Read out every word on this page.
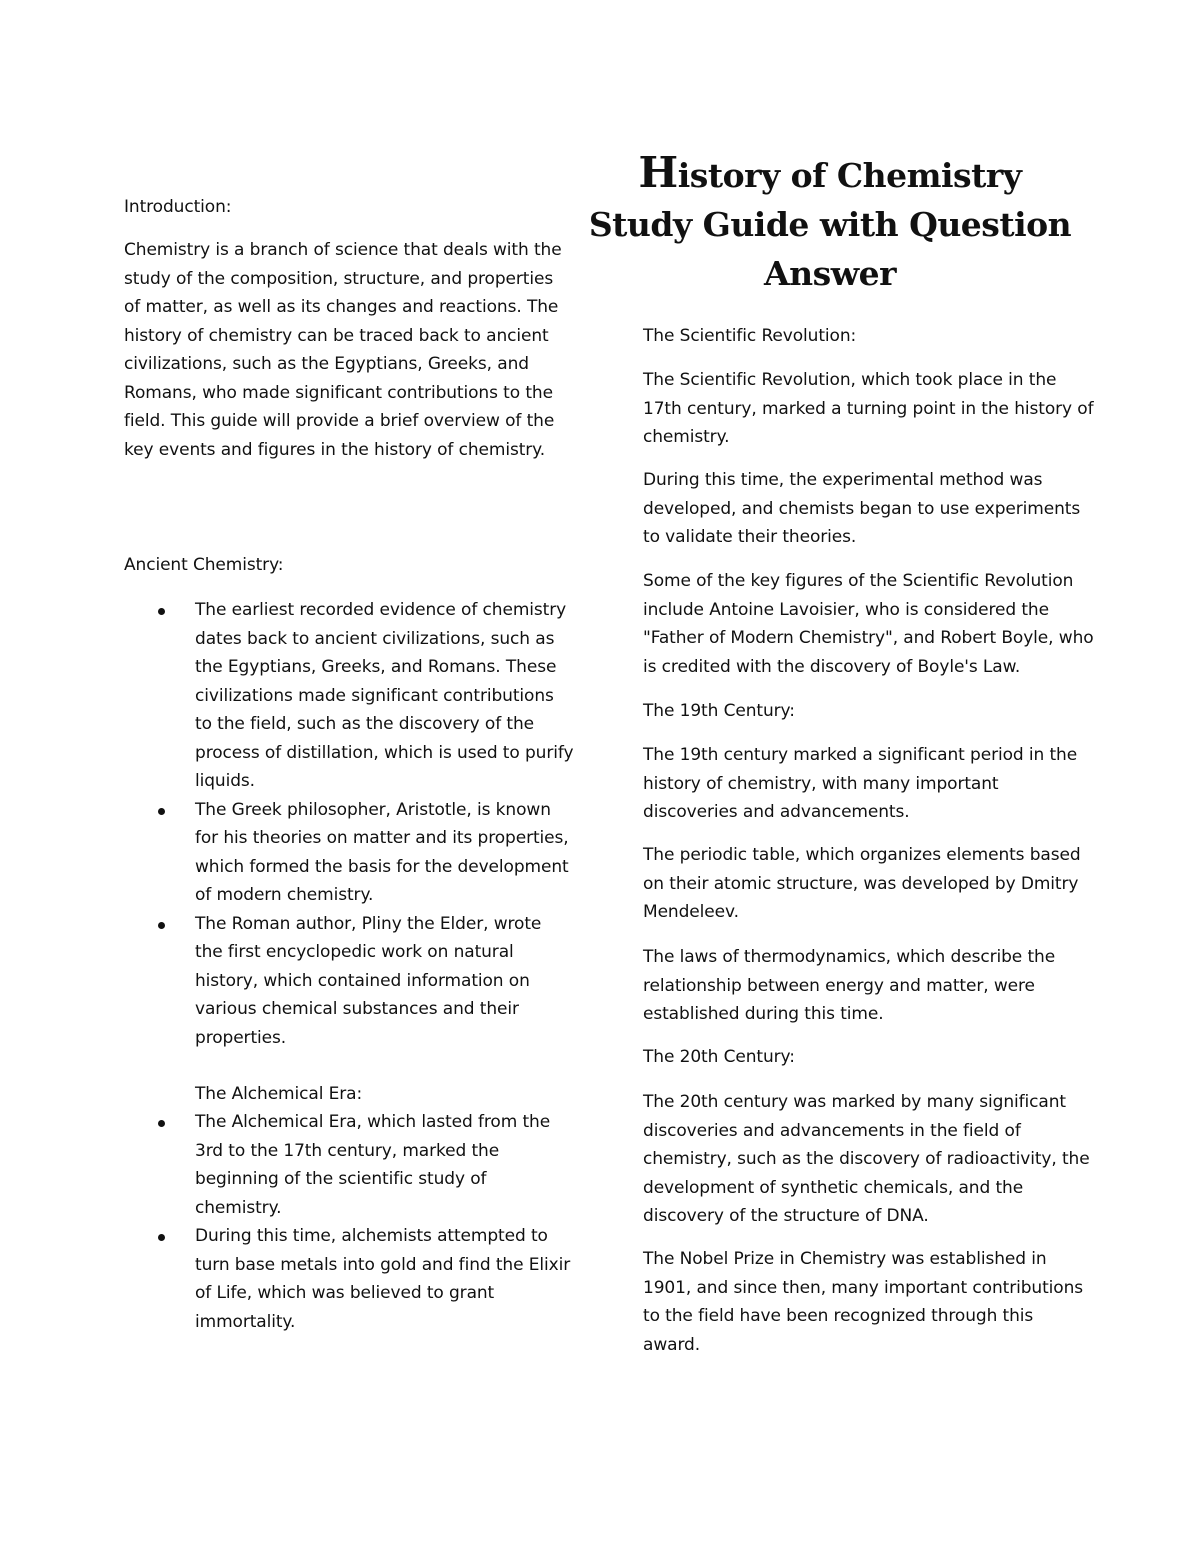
History of Chemistry
Study Guide with Question
Answer
Introduction:

Chemistry is a branch of science that deals with the study of the composition, structure, and properties of matter, as well as its changes and reactions. The history of chemistry can be traced back to ancient civilizations, such as the Egyptians, Greeks, and Romans, who made significant contributions to the field. This guide will provide a brief overview of the key events and figures in the history of chemistry.

Ancient Chemistry:
The earliest recorded evidence of chemistry dates back to ancient civilizations, such as the Egyptians, Greeks, and Romans. These civilizations made significant contributions to the field, such as the discovery of the process of distillation, which is used to purify liquids.
The Greek philosopher, Aristotle, is known for his theories on matter and its properties, which formed the basis for the development of modern chemistry.
The Roman author, Pliny the Elder, wrote the first encyclopedic work on natural history, which contained information on various chemical substances and their properties.
The Alchemical Era:
The Alchemical Era, which lasted from the 3rd to the 17th century, marked the beginning of the scientific study of chemistry.
During this time, alchemists attempted to turn base metals into gold and find the Elixir of Life, which was believed to grant immortality.
The Scientific Revolution:

The Scientific Revolution, which took place in the 17th century, marked a turning point in the history of chemistry.

During this time, the experimental method was developed, and chemists began to use experiments to validate their theories.

Some of the key figures of the Scientific Revolution include Antoine Lavoisier, who is considered the "Father of Modern Chemistry", and Robert Boyle, who is credited with the discovery of Boyle's Law.

The 19th Century:

The 19th century marked a significant period in the history of chemistry, with many important discoveries and advancements.

The periodic table, which organizes elements based on their atomic structure, was developed by Dmitry Mendeleev.

The laws of thermodynamics, which describe the relationship between energy and matter, were established during this time.

The 20th Century:

The 20th century was marked by many significant discoveries and advancements in the field of chemistry, such as the discovery of radioactivity, the development of synthetic chemicals, and the discovery of the structure of DNA.

The Nobel Prize in Chemistry was established in 1901, and since then, many important contributions to the field have been recognized through this award.
